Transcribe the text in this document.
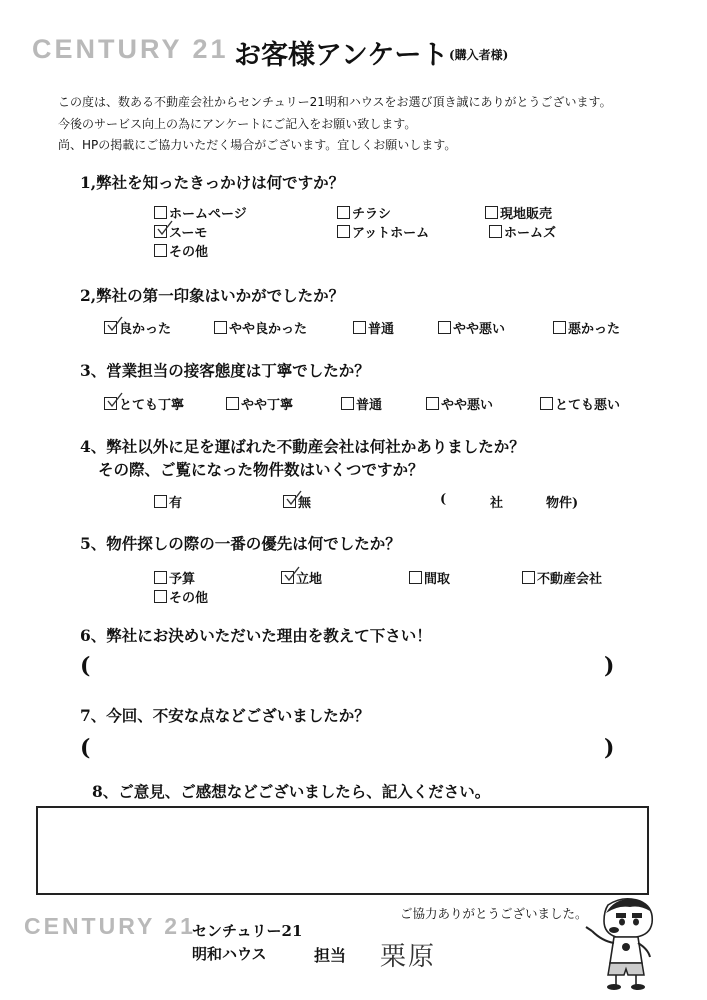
CENTURY 21 お客様アンケート (購入者様)
この度は、数ある不動産会社からセンチュリー21明和ハウスをお選び頂き誠にありがとうございます。
今後のサービス向上の為にアンケートにご記入をお願い致します。
尚、HPの掲載にご協力いただく場合がございます。宜しくお願いします。
1,弊社を知ったきっかけは何ですか？
ホームページ	チラシ	現地販売
スーモ	アットホーム	ホームズ
その他
2,弊社の第一印象はいかがでしたか？
良かった	やや良かった	普通	やや悪い	悪かった
3、営業担当の接客態度は丁寧でしたか？
とても丁寧	やや丁寧	普通	やや悪い	とても悪い
4、弊社以外に足を運ばれた不動産会社は何社かありましたか？
その際、ご覧になった物件数はいくつですか？
有	無	(	社	物件)
5、物件探しの際の一番の優先は何でしたか？
予算	立地	間取	不動産会社
その他
6、弊社にお決めいただいた理由を教えて下さい！
(	)
7、今回、不安な点などございましたか？
(	)
8、ご意見、ご感想などございましたら、記入ください。
ご協力ありがとうございました。
CENTURY 21
センチュリー21
明和ハウス	担当 栗原
